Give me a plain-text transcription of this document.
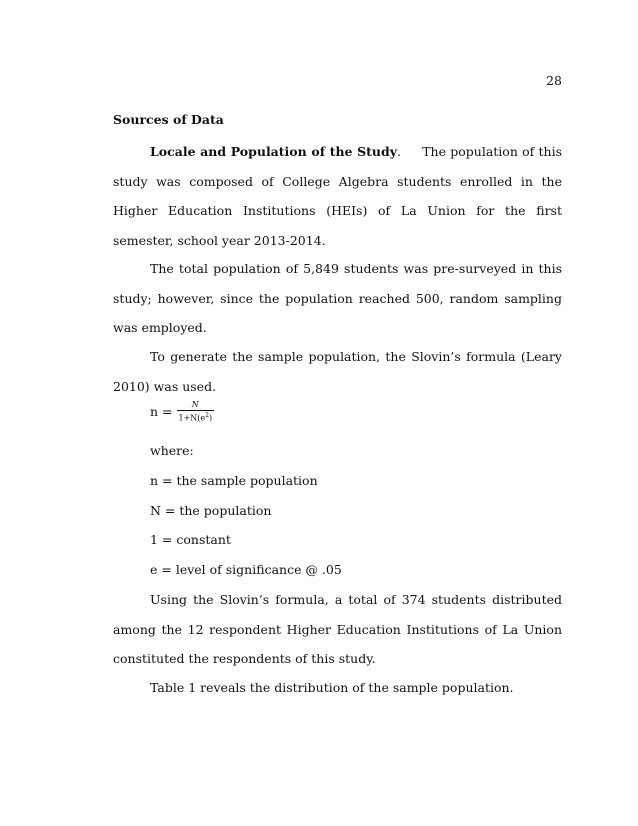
28
Sources of Data

Locale and Population of the Study.     The population of this study was composed of College Algebra students enrolled in the Higher Education Institutions (HEIs) of La Union for the first semester, school year 2013-2014.

The total population of 5,849 students was pre-surveyed in this study; however, since the population reached 500, random sampling was employed.

To generate the sample population, the Slovin’s formula (Leary 2010) was used.

$n = \frac{N}{1+N(e^2)}$
where:
n = the sample population
N = the population
1 = constant
e = level of significance @ .05

Using the Slovin’s formula, a total of 374 students distributed among the 12 respondent Higher Education Institutions of La Union constituted the respondents of this study.

Table 1 reveals the distribution of the sample population.
